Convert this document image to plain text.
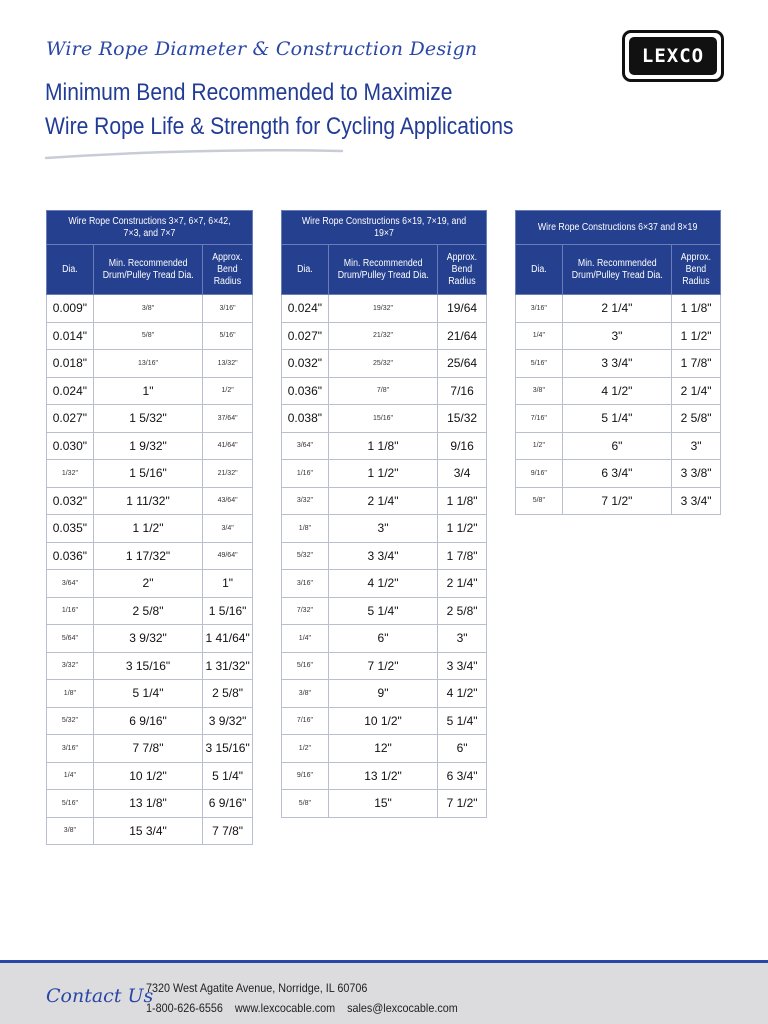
Wire Rope Diameter & Construction Design
Minimum Bend Recommended to Maximize
Wire Rope Life & Strength for Cycling Applications
LEXCO
Wire Rope Constructions 3×7, 6×7, 6×42, 7×3, and 7×7		
Dia.	Min. Recommended Drum/Pulley Tread Dia.	Approx. Bend Radius
0.009"	3/8"	3/16"
0.014"	5/8"	5/16"
0.018"	13/16"	13/32"
0.024"	1"	1/2"
0.027"	1 5/32"	37/64"
0.030"	1 9/32"	41/64"
1/32"	1 5/16"	21/32"
0.032"	1 11/32"	43/64"
0.035"	1 1/2"	3/4"
0.036"	1 17/32"	49/64"
3/64"	2"	1"
1/16"	2 5/8"	1 5/16"
5/64"	3 9/32"	1 41/64"
3/32"	3 15/16"	1 31/32"
1/8"	5 1/4"	2 5/8"
5/32"	6 9/16"	3 9/32"
3/16"	7 7/8"	3 15/16"
1/4"	10 1/2"	5 1/4"
5/16"	13 1/8"	6 9/16"
3/8"	15 3/4"	7 7/8"
Wire Rope Constructions 6×19, 7×19, and 19×7		
Dia.	Min. Recommended Drum/Pulley Tread Dia.	Approx. Bend Radius
0.024"	19/32"	19/64
0.027"	21/32"	21/64
0.032"	25/32"	25/64
0.036"	7/8"	7/16
0.038"	15/16"	15/32
3/64"	1 1/8"	9/16
1/16"	1 1/2"	3/4
3/32"	2 1/4"	1 1/8"
1/8"	3"	1 1/2"
5/32"	3 3/4"	1 7/8"
3/16"	4 1/2"	2 1/4"
7/32"	5 1/4"	2 5/8"
1/4"	6"	3"
5/16"	7 1/2"	3 3/4"
3/8"	9"	4 1/2"
7/16"	10 1/2"	5 1/4"
1/2"	12"	6"
9/16"	13 1/2"	6 3/4"
5/8"	15"	7 1/2"
Wire Rope Constructions 6×37 and 8×19		
Dia.	Min. Recommended Drum/Pulley Tread Dia.	Approx. Bend Radius
3/16"	2 1/4"	1 1/8"
1/4"	3"	1 1/2"
5/16"	3 3/4"	1 7/8"
3/8"	4 1/2"	2 1/4"
7/16"	5 1/4"	2 5/8"
1/2"	6"	3"
9/16"	6 3/4"	3 3/8"
5/8"	7 1/2"	3 3/4"
Contact Us
7320 West Agatite Avenue, Norridge, IL 60706
1-800-626-6556 www.lexcocable.com sales@lexcocable.com
